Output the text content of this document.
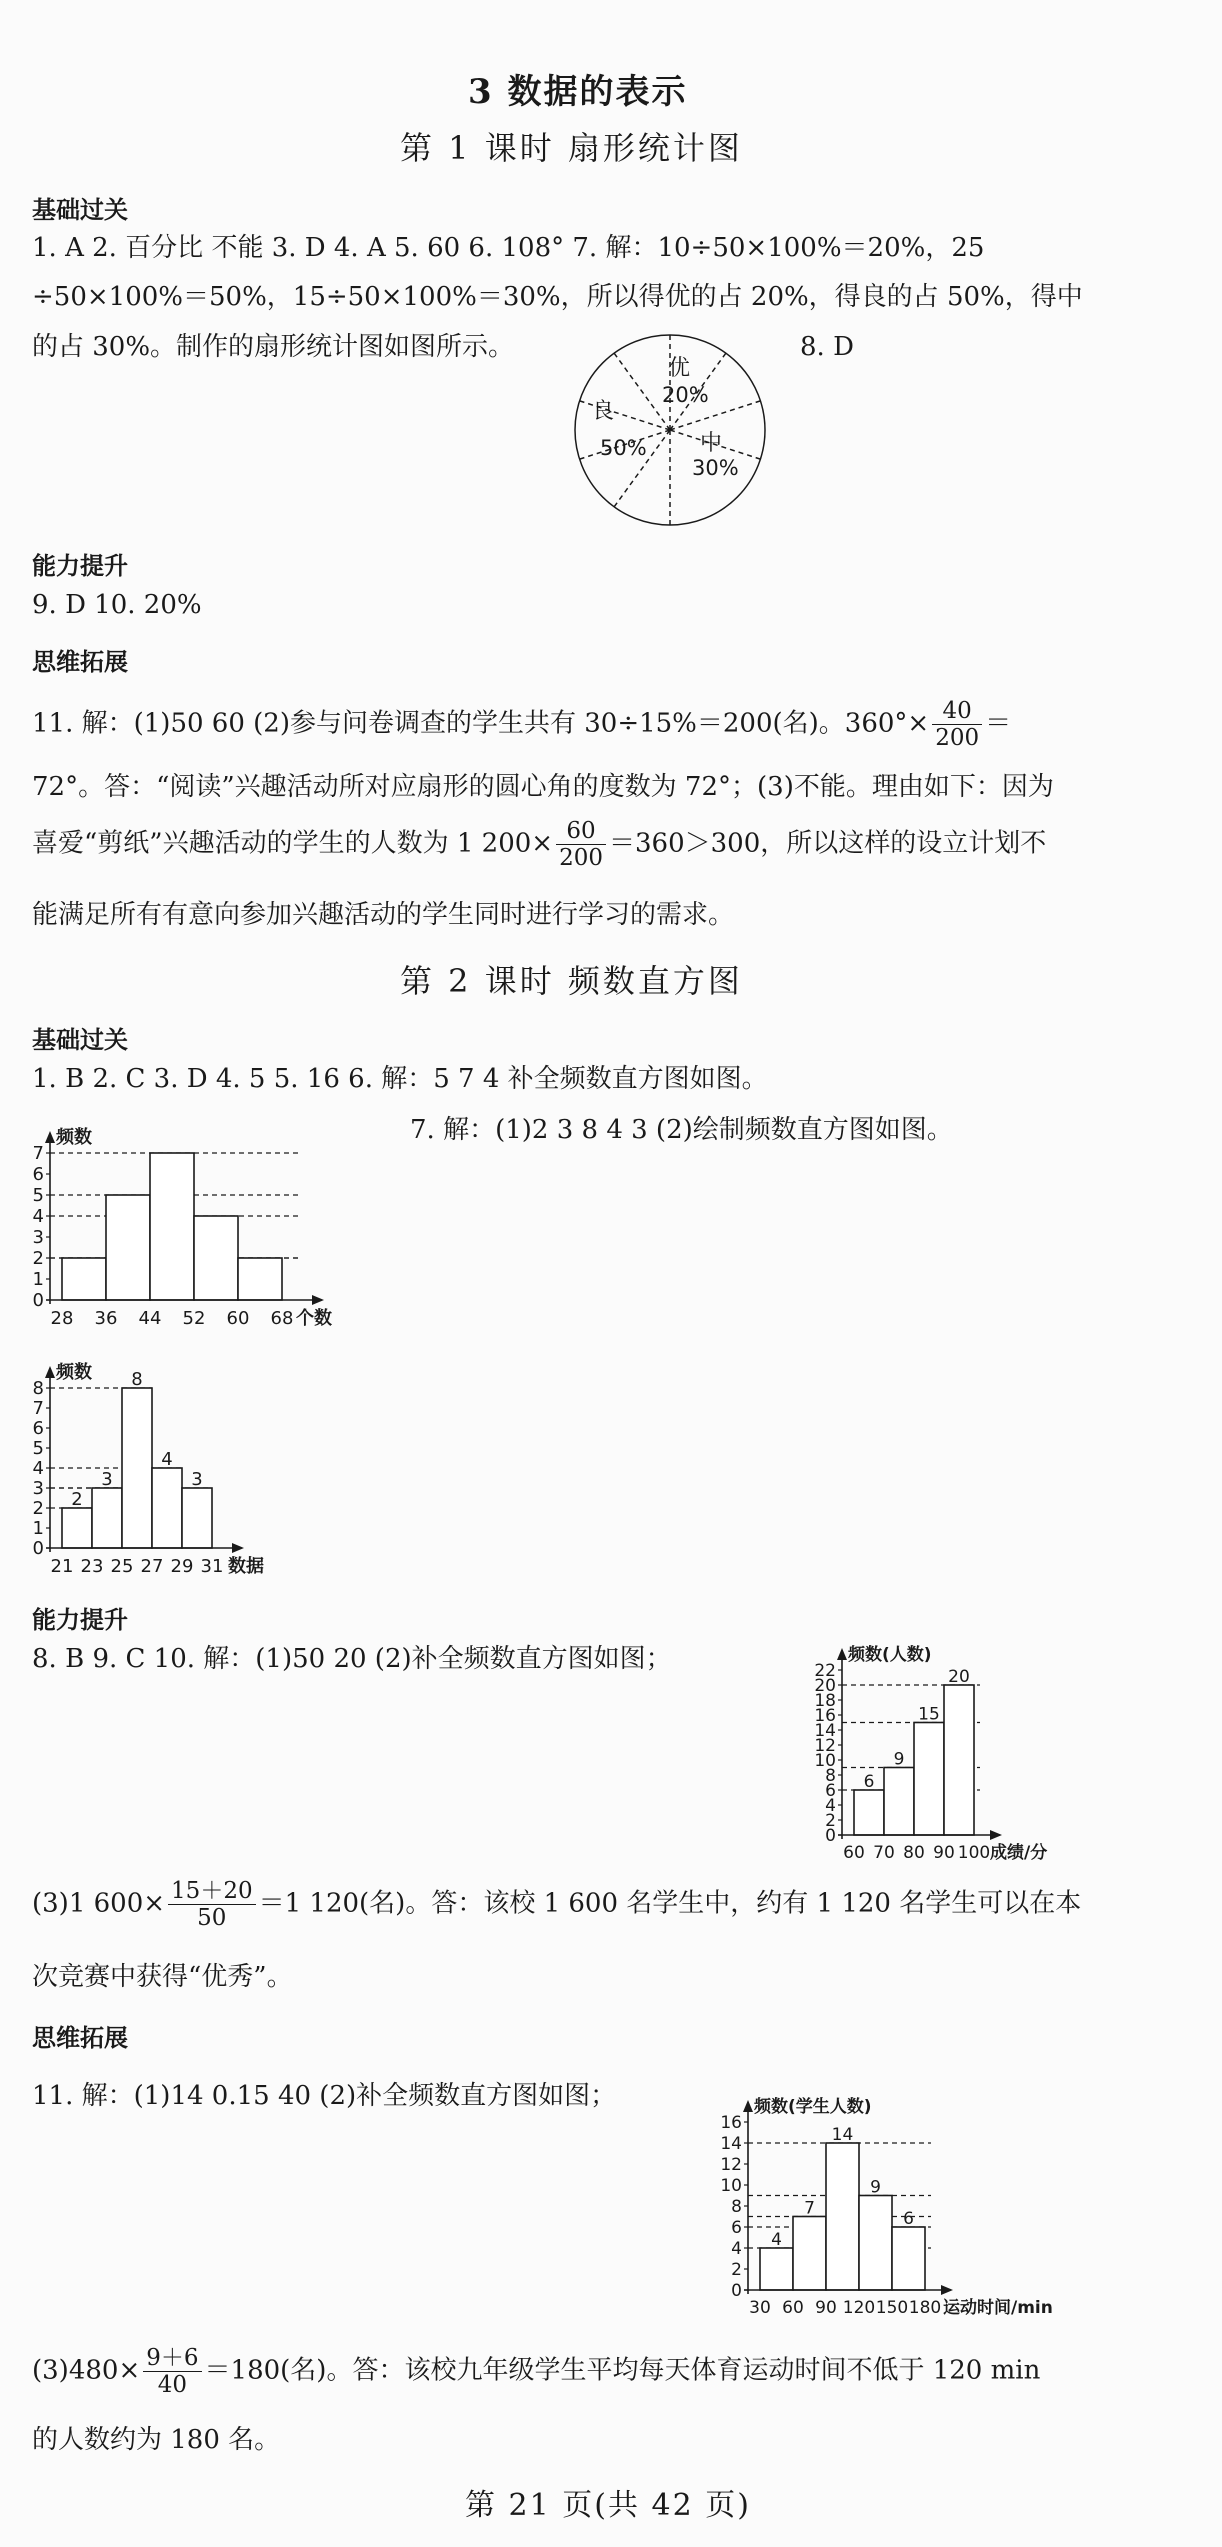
3 数据的表示
第 1 课时 扇形统计图
基础过关
1. A 2. 百分比 不能 3. D 4. A 5. 60 6. 108° 7. 解：10÷50×100%＝20%，25
÷50×100%＝50%，15÷50×100%＝30%，所以得优的占 20%，得良的占 50%，得中
的占 30%。制作的扇形统计图如图所示。	8. D
优
20%
良
50% 中
30%
能力提升
9. D 10. 20%
思维拓展
11. 解：(1)50 60 (2)参与问卷调查的学生共有 30÷15%＝200(名)。$360^\circ\times \frac{40}{200}$ ＝
72°。答：“阅读”兴趣活动所对应扇形的圆心角的度数为 72°；(3)不能。理由如下：因为
喜爱“剪纸”兴趣活动的学生的人数为 1 $200\times \frac{60}{200} =360>300$，所以这样的设立计划不
能满足所有有意向参加兴趣活动的学生同时进行学习的需求。
第 2 课时 频数直方图
基础过关
1. B 2. C 3. D 4. 5 5. 16 6. 解：5 7 4 补全频数直方图如图。
7. 解：(1)2 3 8 4 3 (2)绘制频数直方图如图。
0
1
2
3
4
5
6
7
28 36 44 52 60 68 个数
频数
0
1
2
3
4
5
6
7
8
2
3
8
4
3
21 23 25 27 29 31 数据
频数
能力提升
8. B 9. C 10. 解：(1)50 20 (2)补全频数直方图如图；
0
2
4
6
8
10
12
14
16
18
20
22
6
9
15
20
60 70 80 90 100 成绩/分
频数(人数)
(3)1 $600\times \frac{15+20}{50} =1$ 120(名)。答：该校 1 600 名学生中，约有 1 120 名学生可以在本
次竞赛中获得“优秀”。
思维拓展
11. 解：(1)14 0.15 40 (2)补全频数直方图如图；
0
2
4
6
8
10
12
14
16
4
7
14
9
6
30 60 90 120 150 180 运动时间/min
频数(学生人数)
$(3)480\times \frac{9+6}{40} =180$(名)。答：该校九年级学生平均每天体育运动时间不低于 120 min
的人数约为 180 名。
第 21 页(共 42 页)
